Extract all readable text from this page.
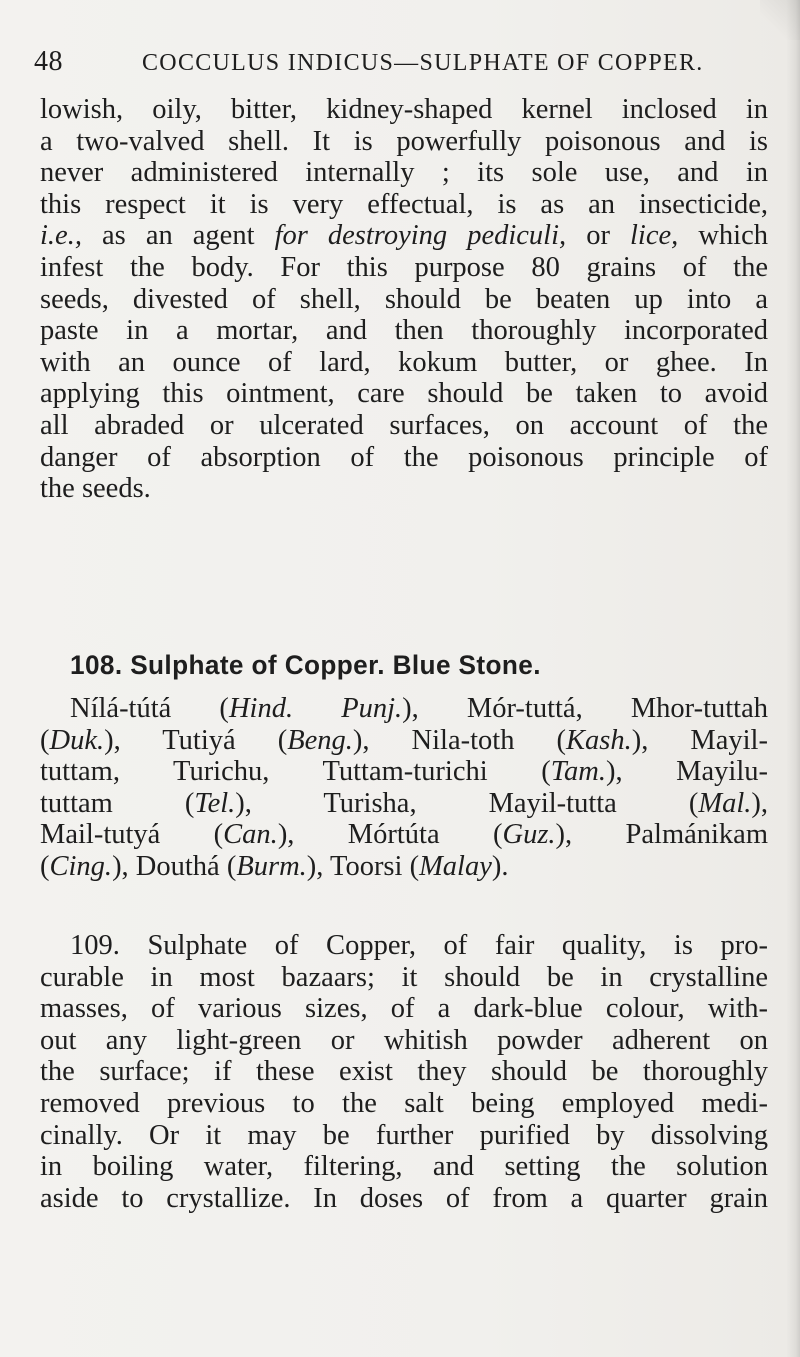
48	COCCULUS INDICUS—SULPHATE OF COPPER.
lowish, oily, bitter, kidney-shaped kernel inclosed in
a two-valved shell. It is powerfully poisonous and is
never administered internally ; its sole use, and in
this respect it is very effectual, is as an insecticide,
i.e., as an agent for destroying pediculi, or lice, which
infest the body. For this purpose 80 grains of the
seeds, divested of shell, should be beaten up into a
paste in a mortar, and then thoroughly incorporated
with an ounce of lard, kokum butter, or ghee. In
applying this ointment, care should be taken to avoid
all abraded or ulcerated surfaces, on account of the
danger of absorption of the poisonous principle of
the seeds.
108. Sulphate of Copper. Blue Stone.
Nílá-tútá (Hind. Punj.), Mór-tuttá, Mhor-tuttah
(Duk.), Tutiyá (Beng.), Nila-toth (Kash.), Mayil-
tuttam, Turichu, Tuttam-turichi (Tam.), Mayilu-
tuttam (Tel.), Turisha, Mayil-tutta (Mal.),
Mail-tutyá (Can.), Mórtúta (Guz.), Palmánikam
(Cing.), Douthá (Burm.), Toorsi (Malay).
109. Sulphate of Copper, of fair quality, is pro-
curable in most bazaars; it should be in crystalline
masses, of various sizes, of a dark-blue colour, with-
out any light-green or whitish powder adherent on
the surface; if these exist they should be thoroughly
removed previous to the salt being employed medi-
cinally. Or it may be further purified by dissolving
in boiling water, filtering, and setting the solution
aside to crystallize. In doses of from a quarter grain
